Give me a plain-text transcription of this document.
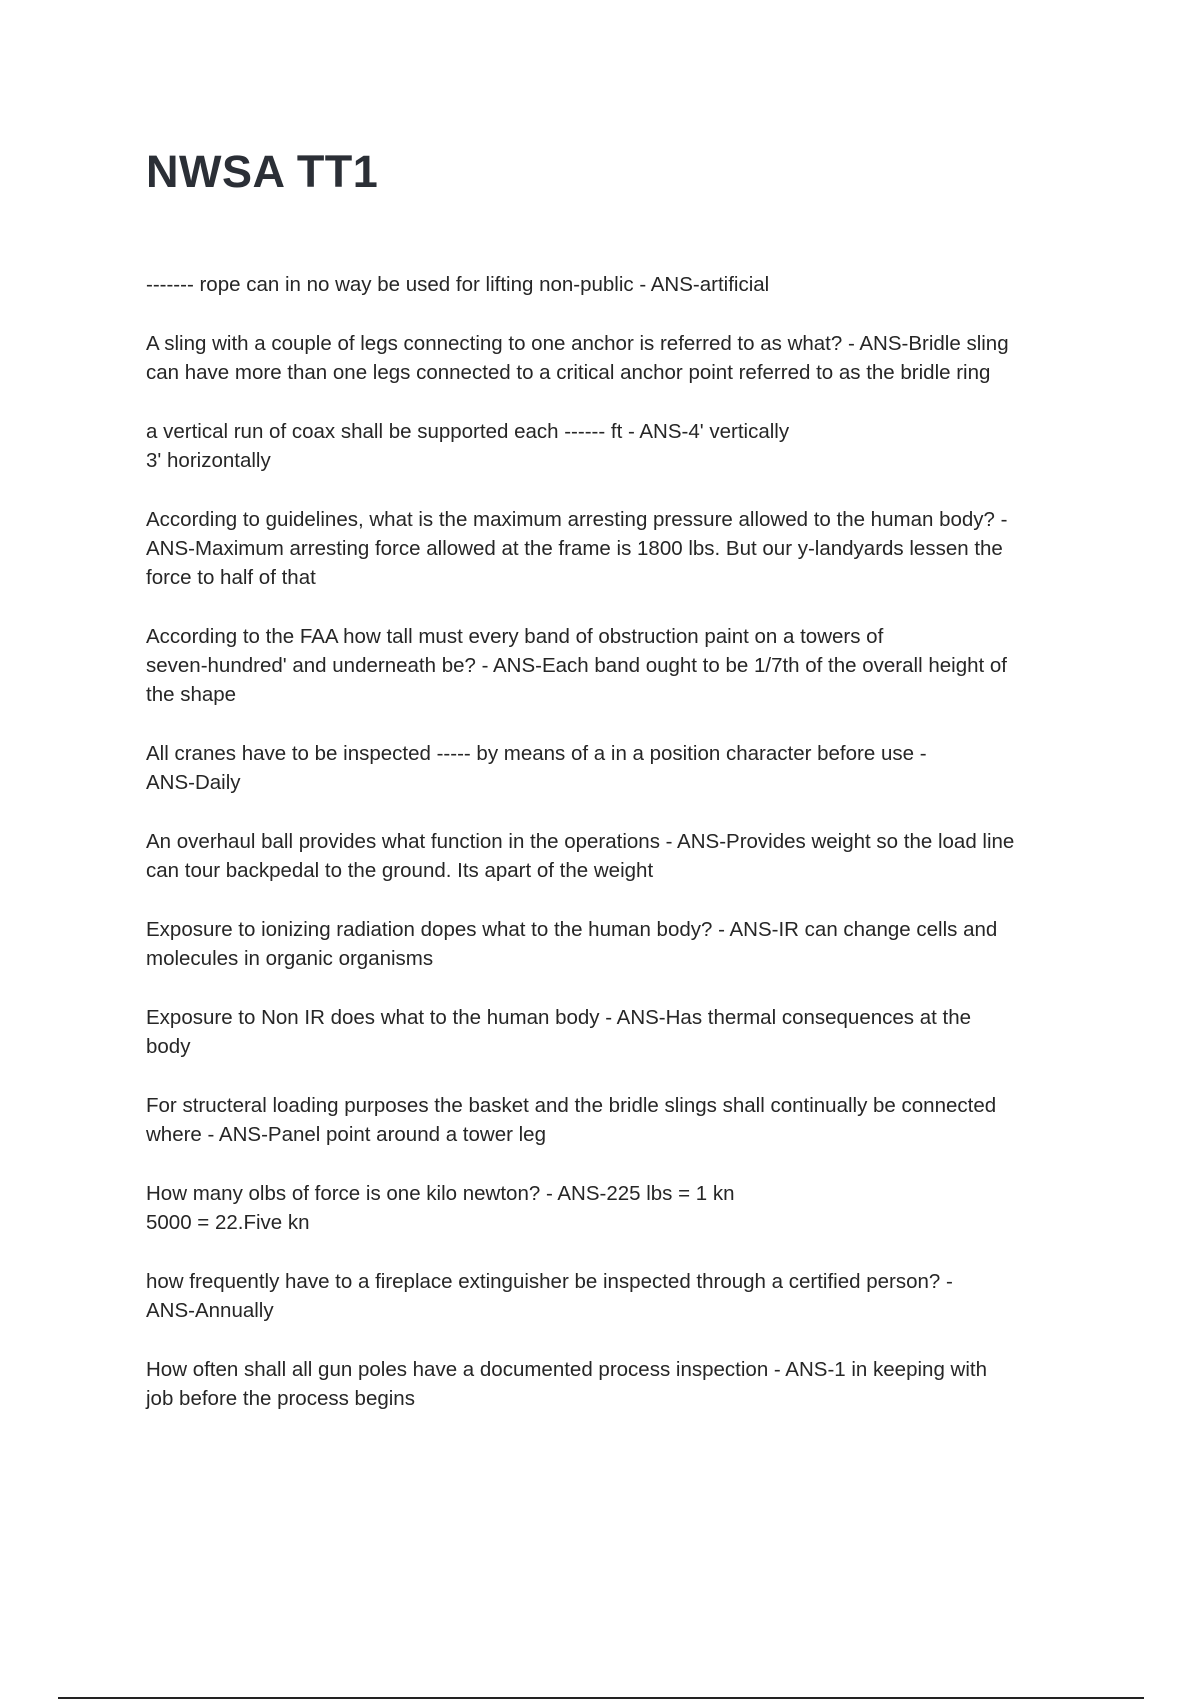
NWSA TT1

------- rope can in no way be used for lifting non-public - ANS-artificial

A sling with a couple of legs connecting to one anchor is referred to as what? - ANS-Bridle sling
can have more than one legs connected to a critical anchor point referred to as the bridle ring

a vertical run of coax shall be supported each ------ ft - ANS-4' vertically
3' horizontally

According to guidelines, what is the maximum arresting pressure allowed to the human body? -
ANS-Maximum arresting force allowed at the frame is 1800 lbs. But our y-landyards lessen the
force to half of that

According to the FAA how tall must every band of obstruction paint on a towers of
seven-hundred' and underneath be? - ANS-Each band ought to be 1/7th of the overall height of
the shape

All cranes have to be inspected ----- by means of a in a position character before use -
ANS-Daily

An overhaul ball provides what function in the operations - ANS-Provides weight so the load line
can tour backpedal to the ground. Its apart of the weight

Exposure to ionizing radiation dopes what to the human body? - ANS-IR can change cells and
molecules in organic organisms

Exposure to Non IR does what to the human body - ANS-Has thermal consequences at the
body

For structeral loading purposes the basket and the bridle slings shall continually be connected
where - ANS-Panel point around a tower leg

How many olbs of force is one kilo newton? - ANS-225 lbs = 1 kn
5000 = 22.Five kn

how frequently have to a fireplace extinguisher be inspected through a certified person? -
ANS-Annually

How often shall all gun poles have a documented process inspection - ANS-1 in keeping with
job before the process begins
